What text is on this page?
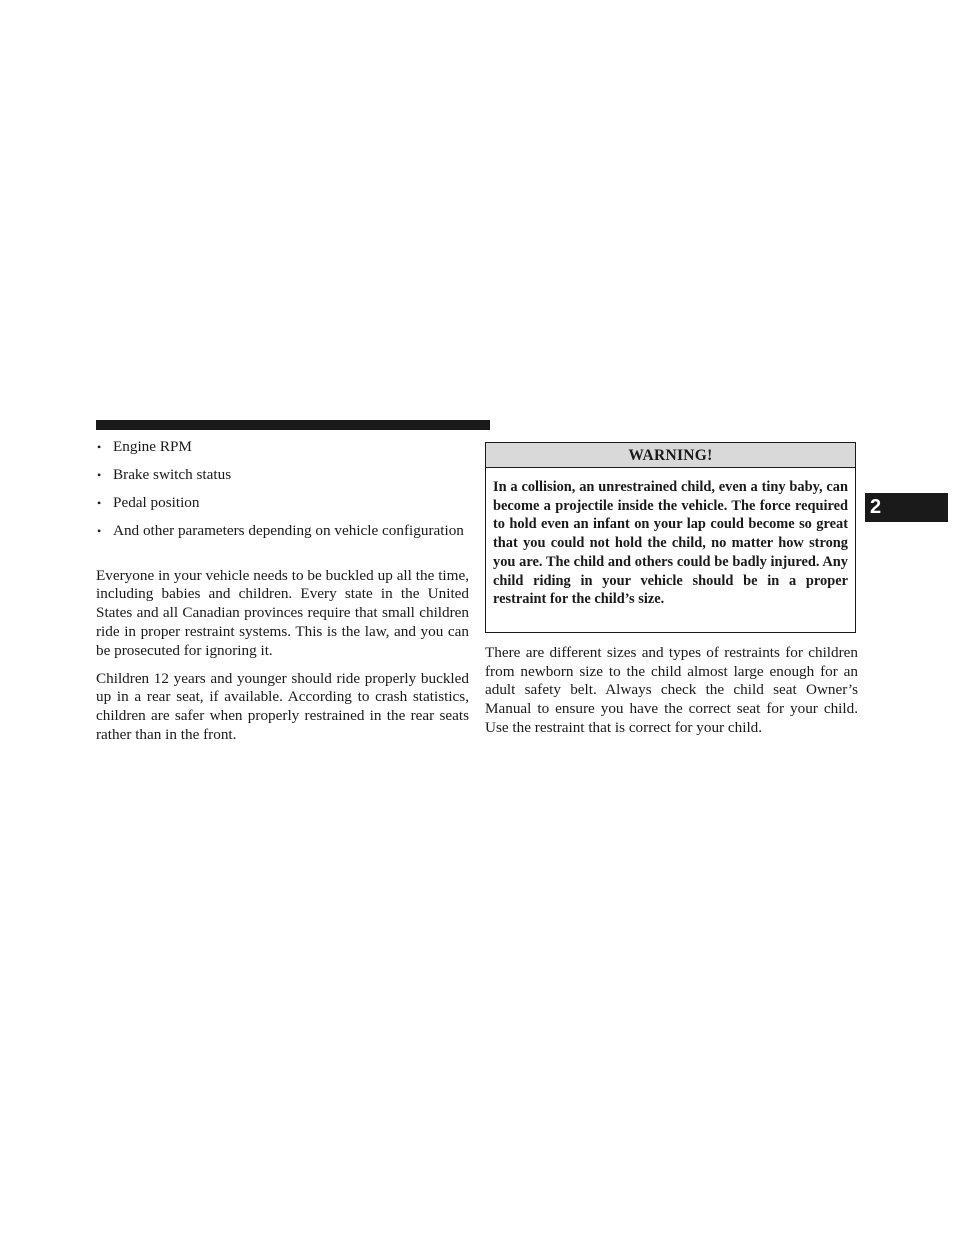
• Engine RPM
• Brake switch status
• Pedal position
• And other parameters depending on vehicle configuration

Everyone in your vehicle needs to be buckled up all the time, including babies and children. Every state in the United States and all Canadian provinces require that small children ride in proper restraint systems. This is the law, and you can be prosecuted for ignoring it.

Children 12 years and younger should ride properly buckled up in a rear seat, if available. According to crash statistics, children are safer when properly restrained in the rear seats rather than in the front.

WARNING!
In a collision, an unrestrained child, even a tiny baby, can become a projectile inside the vehicle. The force required to hold even an infant on your lap could become so great that you could not hold the child, no matter how strong you are. The child and others could be badly injured. Any child riding in your vehicle should be in a proper restraint for the child’s size.

There are different sizes and types of restraints for children from newborn size to the child almost large enough for an adult safety belt. Always check the child seat Owner’s Manual to ensure you have the correct seat for your child. Use the restraint that is correct for your child.

2
